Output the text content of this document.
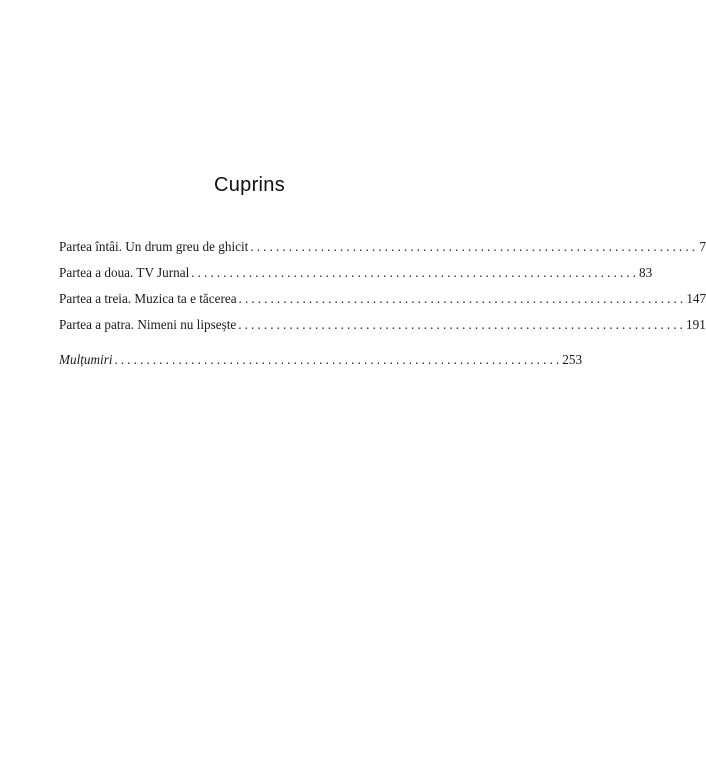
Cuprins
Partea întâi. Un drum greu de ghicit ...................................................................... 7
Partea a doua. TV Jurnal ...................................................................... 83
Partea a treia. Muzica ta e tăcerea ...................................................................... 147
Partea a patra. Nimeni nu lipsește ...................................................................... 191
Mulțumiri ...................................................................... 253
